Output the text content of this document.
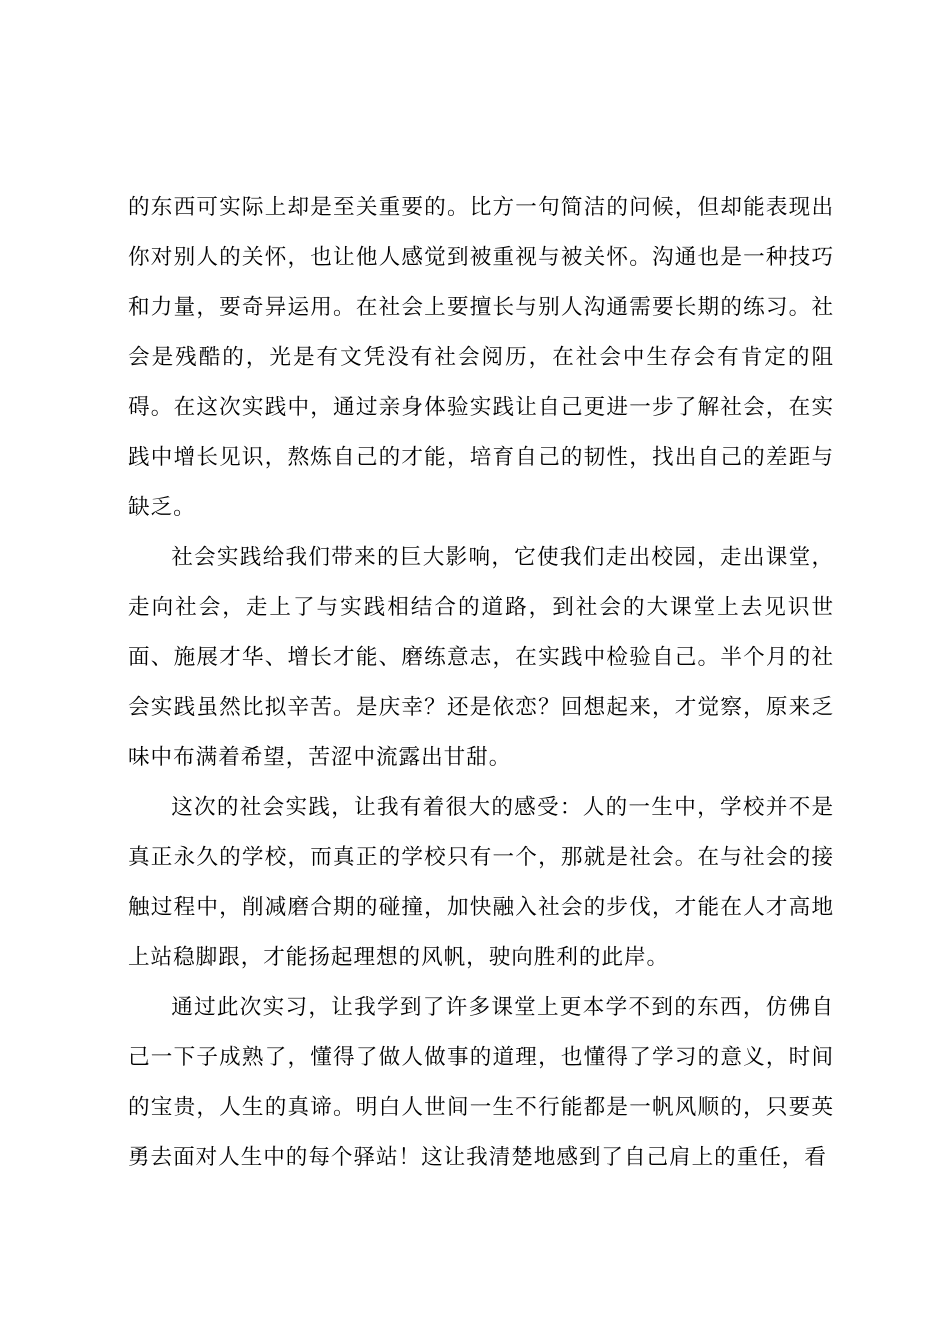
的东西可实际上却是至关重要的。比方一句简洁的问候，但却能表现出你对别人的关怀，也让他人感觉到被重视与被关怀。沟通也是一种技巧和力量，要奇异运用。在社会上要擅长与别人沟通需要长期的练习。社会是残酷的，光是有文凭没有社会阅历，在社会中生存会有肯定的阻碍。在这次实践中，通过亲身体验实践让自己更进一步了解社会，在实践中增长见识，熬炼自己的才能，培育自己的韧性，找出自己的差距与缺乏。

社会实践给我们带来的巨大影响，它使我们走出校园，走出课堂，走向社会，走上了与实践相结合的道路，到社会的大课堂上去见识世面、施展才华、增长才能、磨练意志，在实践中检验自己。半个月的社会实践虽然比拟辛苦。是庆幸？还是依恋？回想起来，才觉察，原来乏味中布满着希望，苦涩中流露出甘甜。

这次的社会实践，让我有着很大的感受：人的一生中，学校并不是真正永久的学校，而真正的学校只有一个，那就是社会。在与社会的接触过程中，削减磨合期的碰撞，加快融入社会的步伐，才能在人才高地上站稳脚跟，才能扬起理想的风帆，驶向胜利的此岸。

通过此次实习，让我学到了许多课堂上更本学不到的东西，仿佛自己一下子成熟了，懂得了做人做事的道理，也懂得了学习的意义，时间的宝贵，人生的真谛。明白人世间一生不行能都是一帆风顺的，只要英勇去面对人生中的每个驿站！这让我清楚地感到了自己肩上的重任，看
